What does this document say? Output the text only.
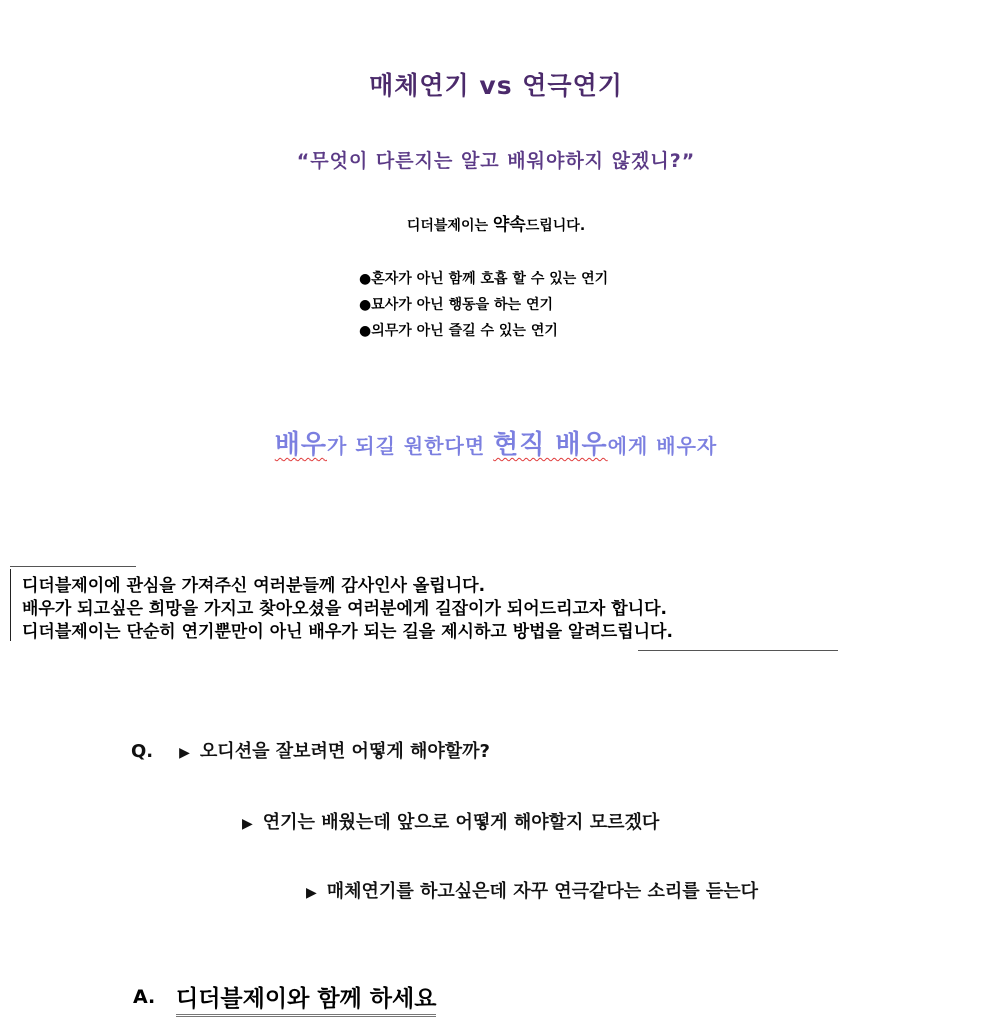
매체연기 vs 연극연기
“무엇이 다른지는 알고 배워야하지 않겠니?”
디더블제이는 약속드립니다.
●혼자가 아닌 함께 호흡 할 수 있는 연기
●묘사가 아닌 행동을 하는 연기
●의무가 아닌 즐길 수 있는 연기
배우가 되길 원한다면 현직 배우에게 배우자
디더블제이에 관심을 가져주신 여러분들께 감사인사 올립니다.
배우가 되고싶은 희망을 가지고 찾아오셨을 여러분에게 길잡이가 되어드리고자 합니다.
디더블제이는 단순히 연기뿐만이 아닌 배우가 되는 길을 제시하고 방법을 알려드립니다.
Q. ▶ 오디션을 잘보려면 어떻게 해야할까?
▶ 연기는 배웠는데 앞으로 어떻게 해야할지 모르겠다
▶ 매체연기를 하고싶은데 자꾸 연극같다는 소리를 듣는다
A. 디더블제이와 함께 하세요
